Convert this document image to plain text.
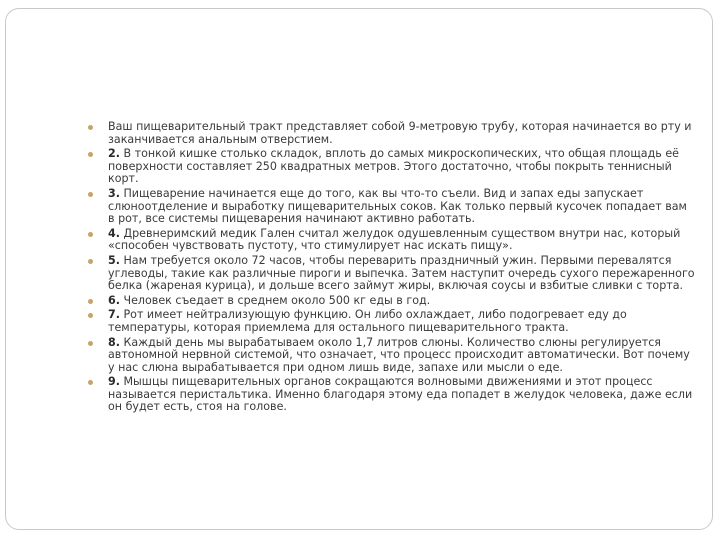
Ваш пищеварительный тракт представляет собой 9-метровую трубу, которая начинается во рту и заканчивается анальным отверстием.
2. В тонкой кишке столько складок, вплоть до самых микроскопических, что общая площадь её поверхности составляет 250 квадратных метров. Этого достаточно, чтобы покрыть теннисный корт.
3. Пищеварение начинается еще до того, как вы что-то съели. Вид и запах еды запускает слюноотделение и выработку пищеварительных соков. Как только первый кусочек попадает вам в рот, все системы пищеварения начинают активно работать.
4. Древнеримский медик Гален считал желудок одушевленным существом внутри нас, который «способен чувствовать пустоту, что стимулирует нас искать пищу».
5. Нам требуется около 72 часов, чтобы переварить праздничный ужин. Первыми перевалятся углеводы, такие как различные пироги и выпечка. Затем наступит очередь сухого пережаренного белка (жареная курица), и дольше всего займут жиры, включая соусы и взбитые сливки с торта.
6. Человек съедает в среднем около 500 кг еды в год.
7. Рот имеет нейтрализующую функцию. Он либо охлаждает, либо подогревает еду до температуры, которая приемлема для остального пищеварительного тракта.
8. Каждый день мы вырабатываем около 1,7 литров слюны. Количество слюны регулируется автономной нервной системой, что означает, что процесс происходит автоматически. Вот почему у нас слюна вырабатывается при одном лишь виде, запахе или мысли о еде.
9. Мышцы пищеварительных органов сокращаются волновыми движениями и этот процесс называется перистальтика. Именно благодаря этому еда попадет в желудок человека, даже если он будет есть, стоя на голове.
